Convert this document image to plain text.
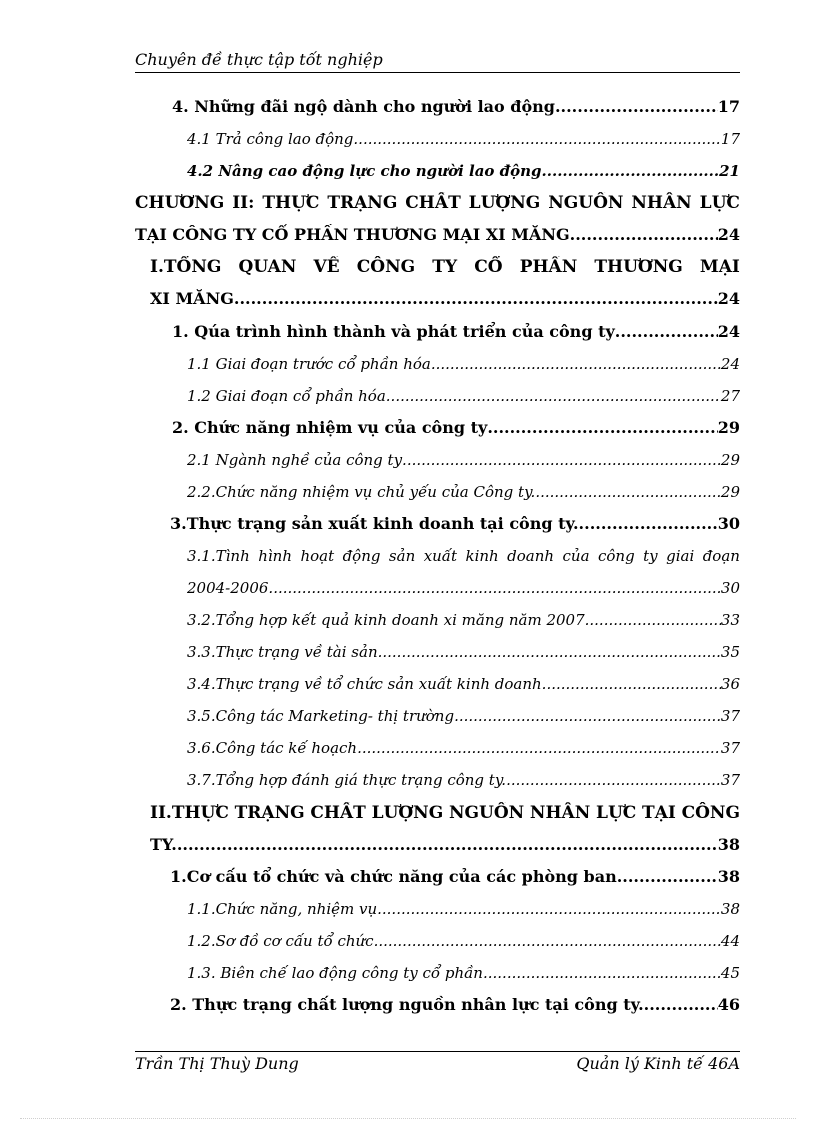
Chuyên đề thực tập tốt nghiệp
4. Những đãi ngộ dành cho người lao động .....	17
4.1 Trả công lao động .....	17
4.2 Nâng cao động lực cho người lao động .....	21
CHƯƠNG II: THỰC TRẠNG CHẤT LƯỢNG NGUỒN NHÂN LỰC
TẠI CÔNG TY CỔ PHẦN THƯƠNG MẠI XI MĂNG .....	24
I.TỔNG QUAN VỀ CÔNG TY CỔ PHẦN THƯƠNG MẠI
XI MĂNG .....	24
1. Qúa trình hình thành và phát triển của công ty .....	24
1.1 Giai đoạn trước cổ phần hóa .....	24
1.2 Giai đoạn cổ phần hóa .....	27
2. Chức năng nhiệm vụ của công ty .....	29
2.1 Ngành nghề của công ty .....	29
2.2.Chức năng nhiệm vụ chủ yếu của Công ty. .....	29
3.Thực trạng sản xuất kinh doanh tại công ty. .....	30
3.1.Tình hình hoạt động sản xuất kinh doanh của công ty giai đoạn
2004-2006. .....	30
3.2.Tổng hợp kết quả kinh doanh xi măng năm 2007. .....	33
3.3.Thực trạng về tài sản. .....	35
3.4.Thực trạng về tổ chức sản xuất kinh doanh. .....	36
3.5.Công tác Marketing- thị trường .....	37
3.6.Công tác kế hoạch .....	37
3.7.Tổng hợp đánh giá thực trạng công ty. .....	37
II.THỰC TRẠNG CHẤT LƯỢNG NGUỒN NHÂN LỰC TẠI CÔNG
TY. .....	38
1.Cơ cấu tổ chức và chức năng của các phòng ban. .....	38
1.1.Chức năng, nhiệm vụ. .....	38
1.2.Sơ đồ cơ cấu tổ chức. .....	44
1.3. Biên chế lao động công ty cổ phần .....	45
2. Thực trạng chất lượng nguồn nhân lực tại công ty. .....	46
Trần Thị Thuỳ Dung	Quản lý Kinh tế 46A
